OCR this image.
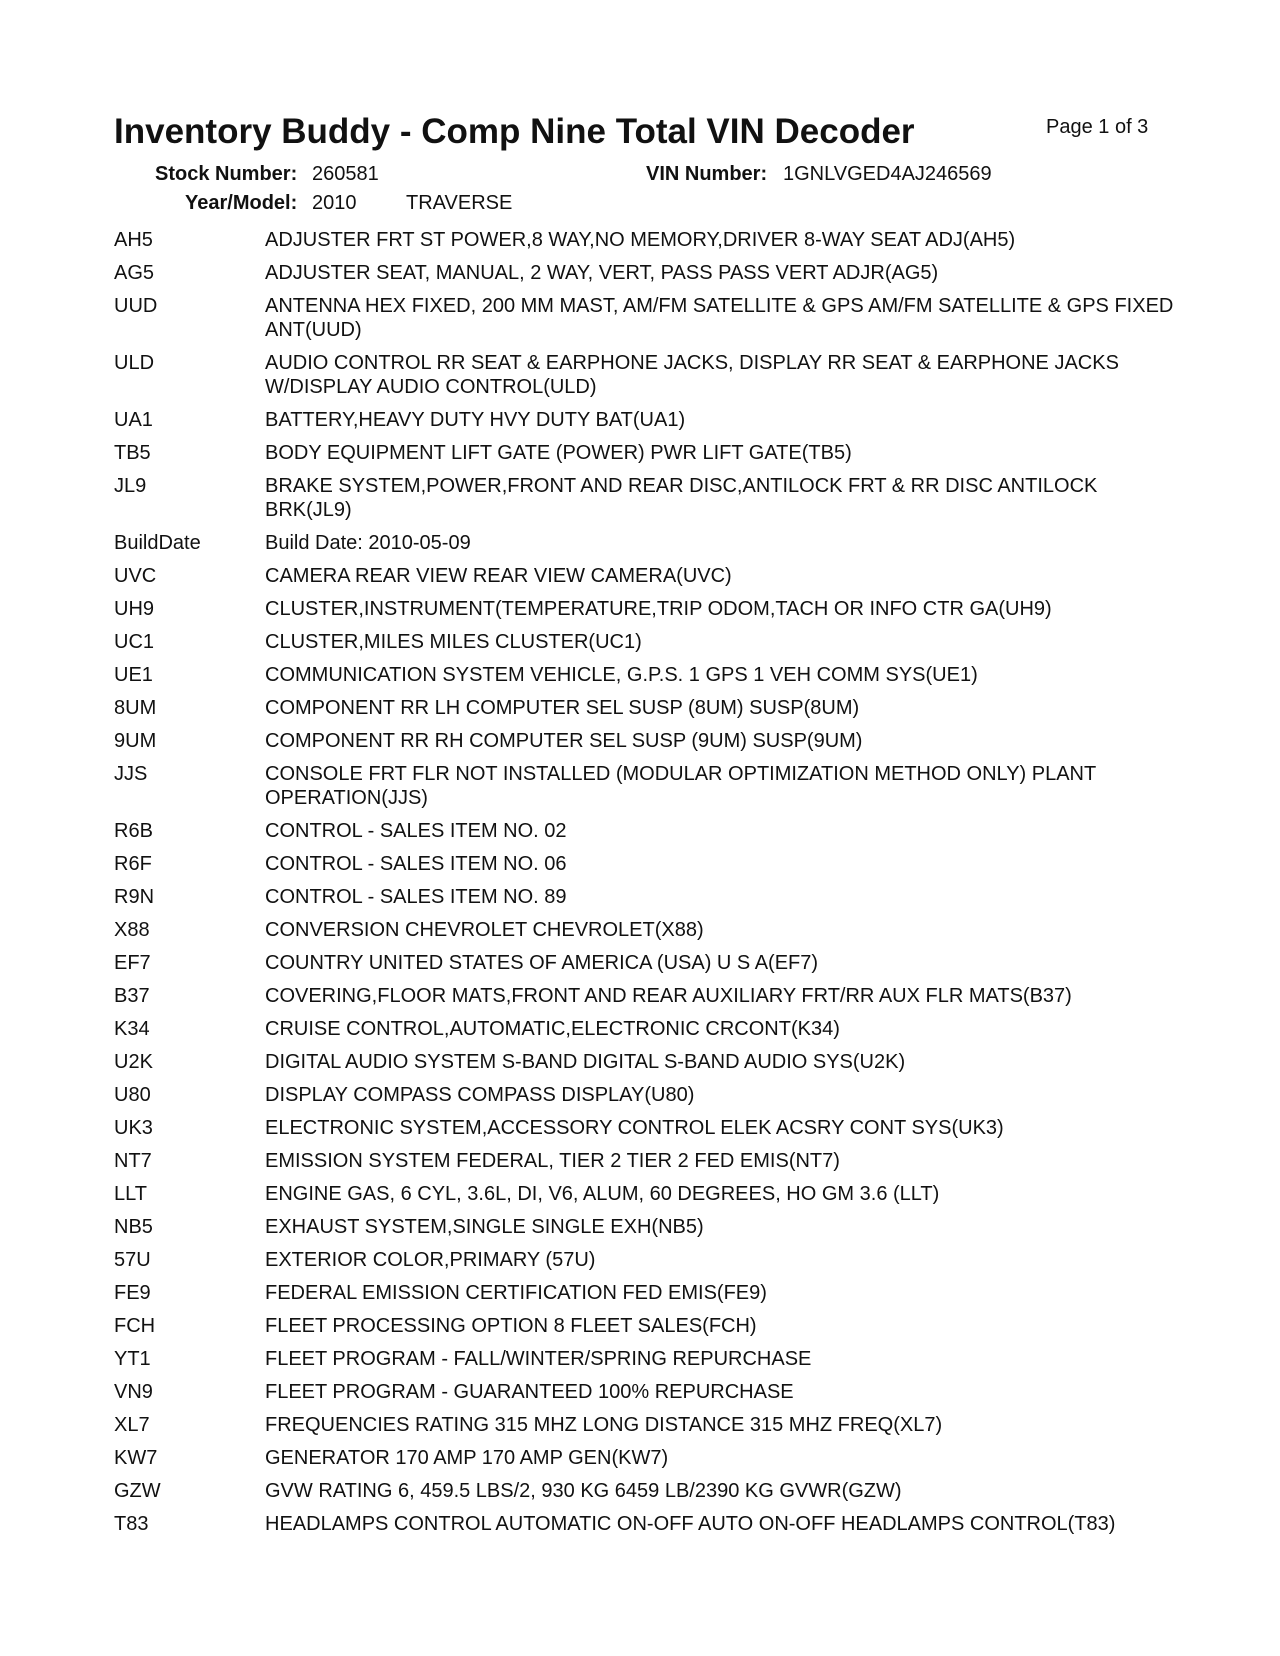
Inventory Buddy - Comp Nine Total VIN Decoder	Page 1 of 3
Stock Number: 260581	VIN Number: 1GNLVGED4AJ246569
Year/Model: 2010 TRAVERSE
AH5	ADJUSTER FRT ST POWER,8 WAY,NO MEMORY,DRIVER 8-WAY SEAT ADJ(AH5)
AG5	ADJUSTER SEAT, MANUAL, 2 WAY, VERT, PASS PASS VERT ADJR(AG5)
UUD	ANTENNA HEX FIXED, 200 MM MAST, AM/FM SATELLITE & GPS AM/FM SATELLITE & GPS FIXED ANT(UUD)
ULD	AUDIO CONTROL RR SEAT & EARPHONE JACKS, DISPLAY RR SEAT & EARPHONE JACKS W/DISPLAY AUDIO CONTROL(ULD)
UA1	BATTERY,HEAVY DUTY HVY DUTY BAT(UA1)
TB5	BODY EQUIPMENT LIFT GATE (POWER) PWR LIFT GATE(TB5)
JL9	BRAKE SYSTEM,POWER,FRONT AND REAR DISC,ANTILOCK FRT & RR DISC ANTILOCK BRK(JL9)
BuildDate	Build Date: 2010-05-09
UVC	CAMERA REAR VIEW REAR VIEW CAMERA(UVC)
UH9	CLUSTER,INSTRUMENT(TEMPERATURE,TRIP ODOM,TACH OR INFO CTR GA(UH9)
UC1	CLUSTER,MILES MILES CLUSTER(UC1)
UE1	COMMUNICATION SYSTEM VEHICLE, G.P.S. 1 GPS 1 VEH COMM SYS(UE1)
8UM	COMPONENT RR LH COMPUTER SEL SUSP (8UM) SUSP(8UM)
9UM	COMPONENT RR RH COMPUTER SEL SUSP (9UM) SUSP(9UM)
JJS	CONSOLE FRT FLR NOT INSTALLED (MODULAR OPTIMIZATION METHOD ONLY) PLANT OPERATION(JJS)
R6B	CONTROL - SALES ITEM NO. 02
R6F	CONTROL - SALES ITEM NO. 06
R9N	CONTROL - SALES ITEM NO. 89
X88	CONVERSION CHEVROLET CHEVROLET(X88)
EF7	COUNTRY UNITED STATES OF AMERICA (USA) U S A(EF7)
B37	COVERING,FLOOR MATS,FRONT AND REAR AUXILIARY FRT/RR AUX FLR MATS(B37)
K34	CRUISE CONTROL,AUTOMATIC,ELECTRONIC CRCONT(K34)
U2K	DIGITAL AUDIO SYSTEM S-BAND DIGITAL S-BAND AUDIO SYS(U2K)
U80	DISPLAY COMPASS COMPASS DISPLAY(U80)
UK3	ELECTRONIC SYSTEM,ACCESSORY CONTROL ELEK ACSRY CONT SYS(UK3)
NT7	EMISSION SYSTEM FEDERAL, TIER 2 TIER 2 FED EMIS(NT7)
LLT	ENGINE GAS, 6 CYL, 3.6L, DI, V6, ALUM, 60 DEGREES, HO GM 3.6 (LLT)
NB5	EXHAUST SYSTEM,SINGLE SINGLE EXH(NB5)
57U	EXTERIOR COLOR,PRIMARY (57U)
FE9	FEDERAL EMISSION CERTIFICATION FED EMIS(FE9)
FCH	FLEET PROCESSING OPTION 8 FLEET SALES(FCH)
YT1	FLEET PROGRAM - FALL/WINTER/SPRING REPURCHASE
VN9	FLEET PROGRAM - GUARANTEED 100% REPURCHASE
XL7	FREQUENCIES RATING 315 MHZ LONG DISTANCE 315 MHZ FREQ(XL7)
KW7	GENERATOR 170 AMP 170 AMP GEN(KW7)
GZW	GVW RATING 6, 459.5 LBS/2, 930 KG 6459 LB/2390 KG GVWR(GZW)
T83	HEADLAMPS CONTROL AUTOMATIC ON-OFF AUTO ON-OFF HEADLAMPS CONTROL(T83)
